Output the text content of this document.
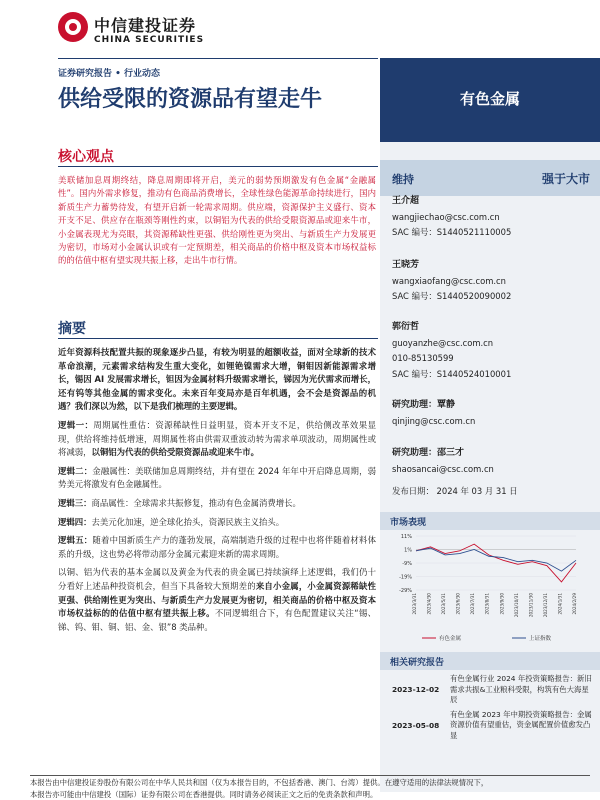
中信建投证券
CHINA SECURITIES
证券研究报告 • 行业动态
供给受限的资源品有望走牛	有色金属
核心观点
美联储加息周期终结，降息周期即将开启，美元的弱势预期激发有色金属“金融属性”。国内外需求修复，推动有色商品消费增长，全球性绿色能源革命持续进行，国内新质生产力蓄势待发，有望开启新一轮需求周期。供应端，资源保护主义盛行、资本开支不足、供应存在瓶颈等刚性约束，以铜铝为代表的供给受限资源品或迎来牛市，小金属表现尤为亮眼，其资源稀缺性更强、供给刚性更为突出、与新质生产力发展更为密切，市场对小金属认识或有一定预期差，相关商品的价格中枢及资本市场权益标的的估值中枢有望实现共振上移，走出牛市行情。
摘要

近年资源科技配置共振的现象逐步凸显，有较为明显的超额收益，面对全球新的技术革命浪潮，元素需求结构发生重大变化，如锂铯镍需求大增，铜钼因新能源需求增长，锡因 AI 发展需求增长，钽因为金属材料升级需求增长，锑因为光伏需求而增长，还有钨等其他金属的需求变化。未来百年变局亦是百年机遇，会不会是资源品的机遇？我们深以为然，以下是我们梳理的主要逻辑。

逻辑一：周期属性重估：资源稀缺性日益明显，资本开支不足，供给侧改革效果显现，供给将维持低增速，周期属性将由供需双重波动转为需求单项波动，周期属性或将减弱，以铜铝为代表的供给受限资源品或迎来牛市。

逻辑二：金融属性：美联储加息周期终结，并有望在 2024 年年中开启降息周期，弱势美元将激发有色金融属性。

逻辑三：商品属性：全球需求共振修复，推动有色金属消费增长。

逻辑四：去美元化加速，逆全球化抬头，资源民族主义抬头。

逻辑五：随着中国新质生产力的蓬勃发展，高端制造升级的过程中也将伴随着材料体系的升级，这也势必将带动部分金属元素迎来新的需求周期。

以铜、铝为代表的基本金属以及黄金为代表的贵金属已持续演绎上述逻辑，我们仍十分看好上述品种投资机会，但当下具备较大预期差的来自小金属，小金属资源稀缺性更强、供给刚性更为突出、与新质生产力发展更为密切，相关商品的价格中枢及资本市场权益标的的估值中枢有望共振上移。不同逻辑组合下，有色配置建议关注“锡、锑、钨、钼、铜、铝、金、银”8 类品种。

维持	强于大市
王介超
wangjiechao@csc.com.cn
SAC 编号：S1440521110005
王晓芳
wangxiaofang@csc.com.cn
SAC 编号：S1440520090002
郭衍哲
guoyanzhe@csc.com.cn
010-85130599
SAC 编号：S1440524010001
研究助理：覃静
qinjing@csc.com.cn
研究助理：邵三才
shaosancai@csc.com.cn
发布日期： 2024 年 03 月 31 日
市场表现
11%
1%
-9%
-19%
-29%
2023/3/31 2023/4/30 2023/5/31 2023/6/30 2023/7/31 2023/8/31 2023/9/30 2023/10/31 2023/11/30 2023/12/31 2024/1/31 2024/2/29
有色金属	上证指数
相关研究报告
2023-12-02
有色金属行业 2024 年投资策略报告：新旧需求共振&工业粮科受限，构筑有色大海星辰
2023-05-08
有色金属 2023 年中期投资策略报告：金属资源价值有望重估，资金属配置价值愈发凸显
本报告由中信建投证券股份有限公司在中华人民共和国（仅为本报告目的，不包括香港、澳门、台湾）提供。在遵守适用的法律法规情况下，
本报告亦可能由中信建投（国际）证券有限公司在香港提供。同时请务必阅读正文之后的免责条款和声明。
